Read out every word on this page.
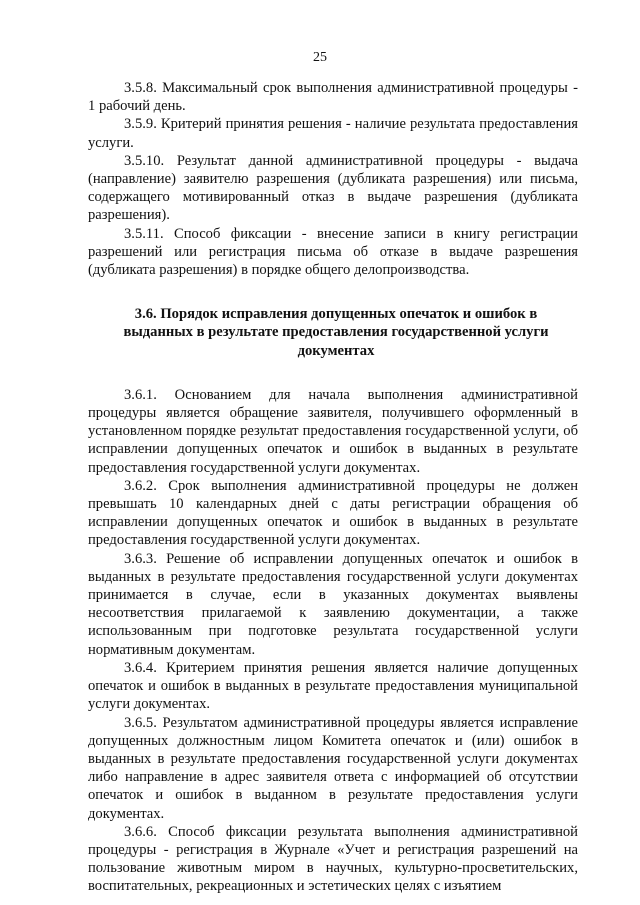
25

3.5.8. Максимальный срок выполнения административной процедуры - 1 рабочий день.

3.5.9. Критерий принятия решения - наличие результата предоставления услуги.

3.5.10. Результат данной административной процедуры - выдача (направление) заявителю разрешения (дубликата разрешения) или письма, содержащего мотивированный отказ в выдаче разрешения (дубликата разрешения).

3.5.11. Способ фиксации - внесение записи в книгу регистрации разрешений или регистрация письма об отказе в выдаче разрешения (дубликата разрешения) в порядке общего делопроизводства.

3.6. Порядок исправления допущенных опечаток и ошибок в выданных в результате предоставления государственной услуги документах

3.6.1. Основанием для начала выполнения административной процедуры является обращение заявителя, получившего оформленный в установленном порядке результат предоставления государственной услуги, об исправлении допущенных опечаток и ошибок в выданных в результате предоставления государственной услуги документах.

3.6.2. Срок выполнения административной процедуры не должен превышать 10 календарных дней с даты регистрации обращения об исправлении допущенных опечаток и ошибок в выданных в результате предоставления государственной услуги документах.

3.6.3. Решение об исправлении допущенных опечаток и ошибок в выданных в результате предоставления государственной услуги документах принимается в случае, если в указанных документах выявлены несоответствия прилагаемой к заявлению документации, а также использованным при подготовке результата государственной услуги нормативным документам.

3.6.4. Критерием принятия решения является наличие допущенных опечаток и ошибок в выданных в результате предоставления муниципальной услуги документах.

3.6.5. Результатом административной процедуры является исправление допущенных должностным лицом Комитета опечаток и (или) ошибок в выданных в результате предоставления государственной услуги документах либо направление в адрес заявителя ответа с информацией об отсутствии опечаток и ошибок в выданном в результате предоставления услуги документах.

3.6.6. Способ фиксации результата выполнения административной процедуры - регистрация в Журнале «Учет и регистрация разрешений на пользование животным миром в научных, культурно-просветительских, воспитательных, рекреационных и эстетических целях с изъятием
